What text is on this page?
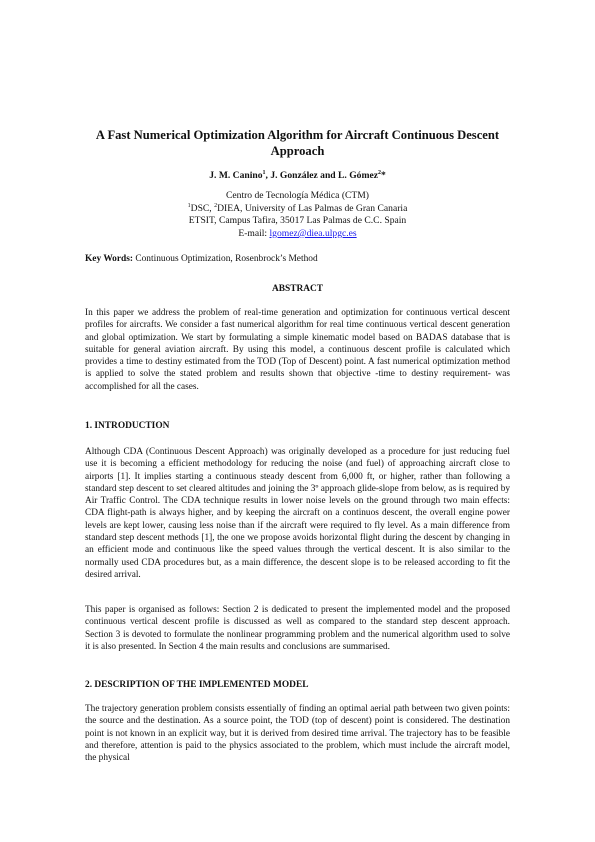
A Fast Numerical Optimization Algorithm for Aircraft Continuous Descent Approach
J. M. Canino$^1$, J. González and L. Gómez$^2$*
Centro de Tecnología Médica (CTM)
$^1$DSC, $^2$DIEA, University of Las Palmas de Gran Canaria
ETSIT, Campus Tafira, 35017 Las Palmas de C.C. Spain
E-mail: lgomez@diea.ulpgc.es
Key Words: Continuous Optimization, Rosenbrock’s Method
ABSTRACT

In this paper we address the problem of real-time generation and optimization for continuous vertical descent profiles for aircrafts. We consider a fast numerical algorithm for real time continuous vertical descent generation and global optimization. We start by formulating a simple kinematic model based on BADAS database that is suitable for general aviation aircraft. By using this model, a continuous descent profile is calculated which provides a time to destiny estimated from the TOD (Top of Descent) point. A fast numerical optimization method is applied to solve the stated problem and results shown that objective -time to destiny requirement- was accomplished for all the cases.

1. INTRODUCTION

Although CDA (Continuous Descent Approach) was originally developed as a procedure for just reducing fuel use it is becoming a efficient methodology for reducing the noise (and fuel) of approaching aircraft close to airports [1]. It implies starting a continuous steady descent from 6,000 ft, or higher, rather than following a standard step descent to set cleared altitudes and joining the 3º approach glide-slope from below, as is required by Air Traffic Control. The CDA technique results in lower noise levels on the ground through two main effects: CDA flight-path is always higher, and by keeping the aircraft on a continuos descent, the overall engine power levels are kept lower, causing less noise than if the aircraft were required to fly level. As a main difference from standard step descent methods [1], the one we propose avoids horizontal flight during the descent by changing in an efficient mode and continuous like the speed values through the vertical descent. It is also similar to the normally used CDA procedures but, as a main difference, the descent slope is to be released according to fit the desired arrival.

This paper is organised as follows: Section 2 is dedicated to present the implemented model and the proposed continuous vertical descent profile is discussed as well as compared to the standard step descent approach. Section 3 is devoted to formulate the nonlinear programming problem and the numerical algorithm used to solve it is also presented. In Section 4 the main results and conclusions are summarised.

2. DESCRIPTION OF THE IMPLEMENTED MODEL

The trajectory generation problem consists essentially of finding an optimal aerial path between two given points: the source and the destination. As a source point, the TOD (top of descent) point is considered. The destination point is not known in an explicit way, but it is derived from desired time arrival. The trajectory has to be feasible and therefore, attention is paid to the physics associated to the problem, which must include the aircraft model, the physical
